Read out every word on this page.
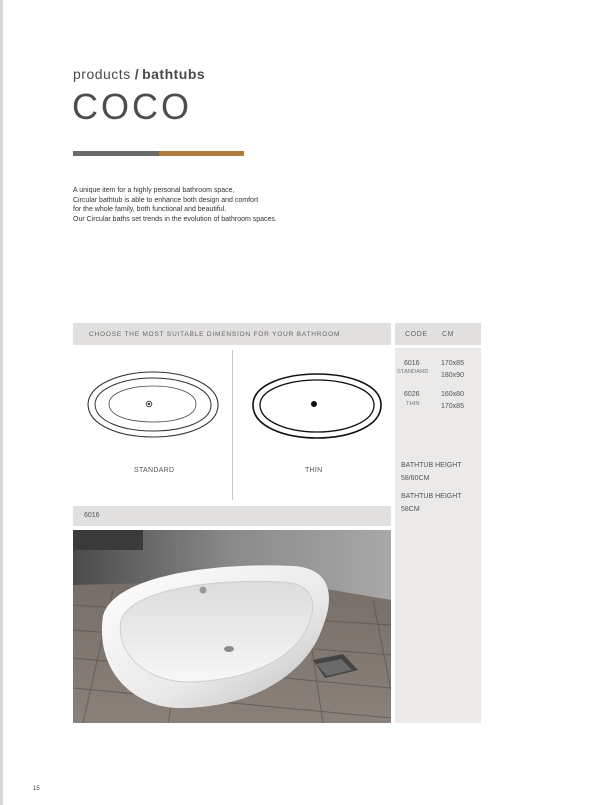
products / bathtubs
COCO

A unique item for a highly personal bathroom space,

Circular bathtub is able to enhance both design and comfort

for the whole family, both functional and beautiful.

Our Circular baths set trends in the evolution of bathroom spaces.

CHOOSE THE MOST SUITABLE DIMENSION FOR YOUR BATHROOM	CODE CM
6016
STANDARD
170x85
180x90
6026
THIN
160x80
170x85
BATHTUB HEIGHT
58/60CM
BATHTUB HEIGHT
58CM
STANDARD	THIN
6016
15
